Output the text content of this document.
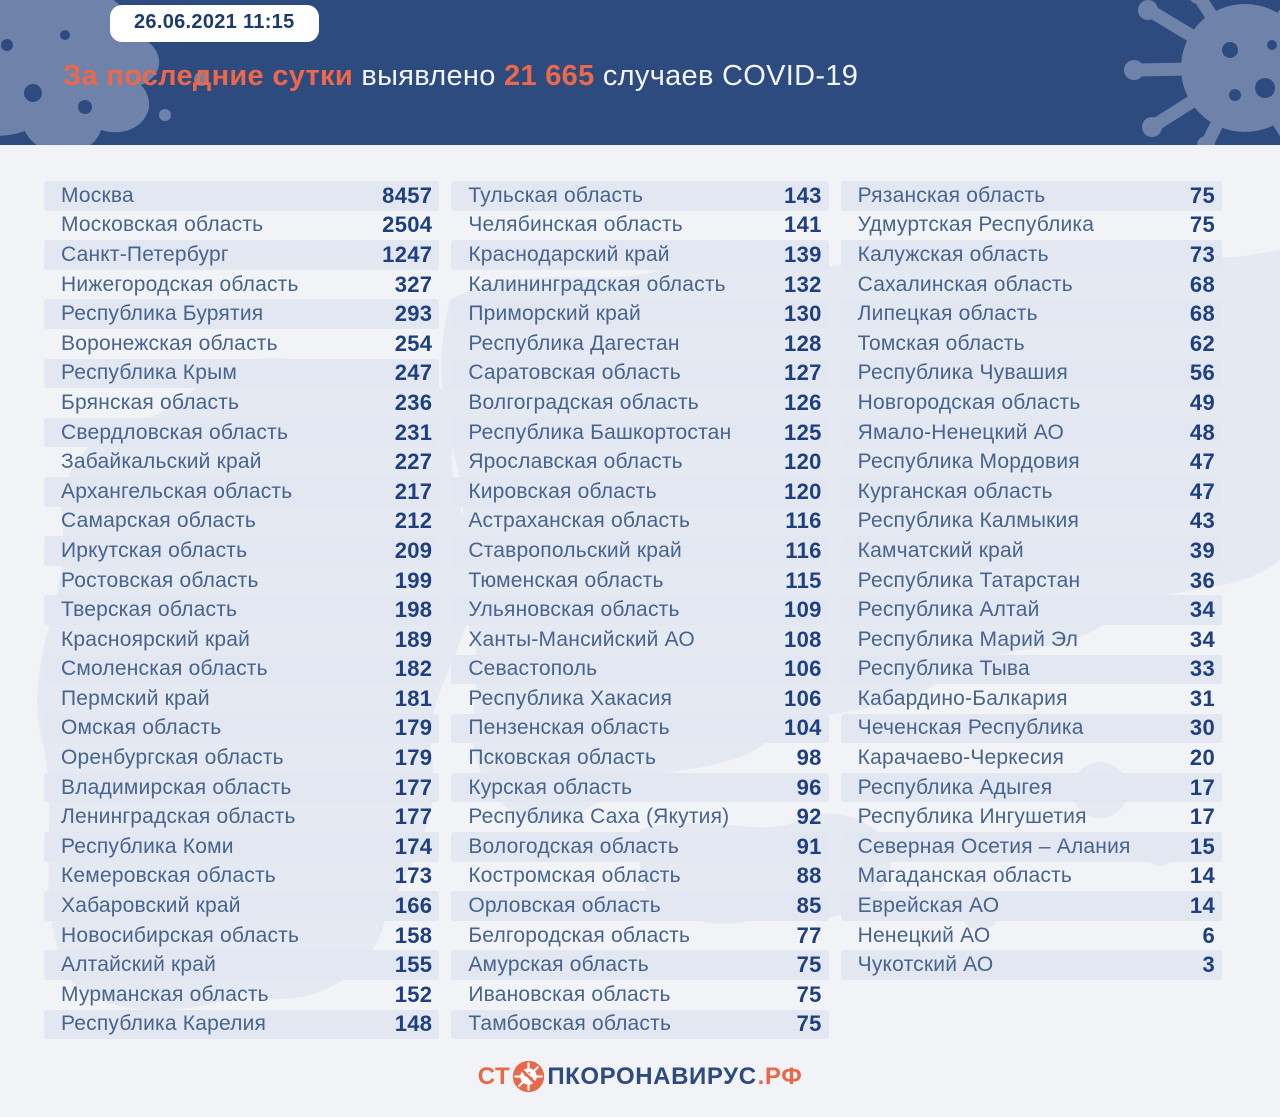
26.06.2021 11:15
За последние сутки выявлено 21 665 случаев COVID-19
Москва	8457
Московская область	2504
Санкт-Петербург	1247
Нижегородская область	327
Республика Бурятия	293
Воронежская область	254
Республика Крым	247
Брянская область	236
Свердловская область	231
Забайкальский край	227
Архангельская область	217
Самарская область	212
Иркутская область	209
Ростовская область	199
Тверская область	198
Красноярский край	189
Смоленская область	182
Пермский край	181
Омская область	179
Оренбургская область	179
Владимирская область	177
Ленинградская область	177
Республика Коми	174
Кемеровская область	173
Хабаровский край	166
Новосибирская область	158
Алтайский край	155
Мурманская область	152
Республика Карелия	148
Тульская область	143
Челябинская область	141
Краснодарский край	139
Калининградская область	132
Приморский край	130
Республика Дагестан	128
Саратовская область	127
Волгоградская область	126
Республика Башкортостан 125
Ярославская область	120
Кировская область	120
Астраханская область	116
Ставропольский край	116
Тюменская область	115
Ульяновская область	109
Ханты-Мансийский АО	108
Севастополь	106
Республика Хакасия	106
Пензенская область	104
Псковская область	98
Курская область	96
Республика Саха (Якутия)	92
Вологодская область	91
Костромская область	88
Орловская область	85
Белгородская область	77
Амурская область	75
Ивановская область	75
Тамбовская область	75
Рязанская область	75
Удмуртская Республика	75
Калужская область	73
Сахалинская область	68
Липецкая область	68
Томская область	62
Республика Чувашия	56
Новгородская область	49
Ямало-Ненецкий АО	48
Республика Мордовия	47
Курганская область	47
Республика Калмыкия	43
Камчатский край	39
Республика Татарстан	36
Республика Алтай	34
Республика Марий Эл	34
Республика Тыва	33
Кабардино-Балкария	31
Чеченская Республика	30
Карачаево-Черкесия	20
Республика Адыгея	17
Республика Ингушетия	17
Северная Осетия – Алания	15
Магаданская область	14
Еврейская АО	14
Ненецкий АО	6
Чукотский АО	3
СТ ПКОРОНАВИРУС .РФ
